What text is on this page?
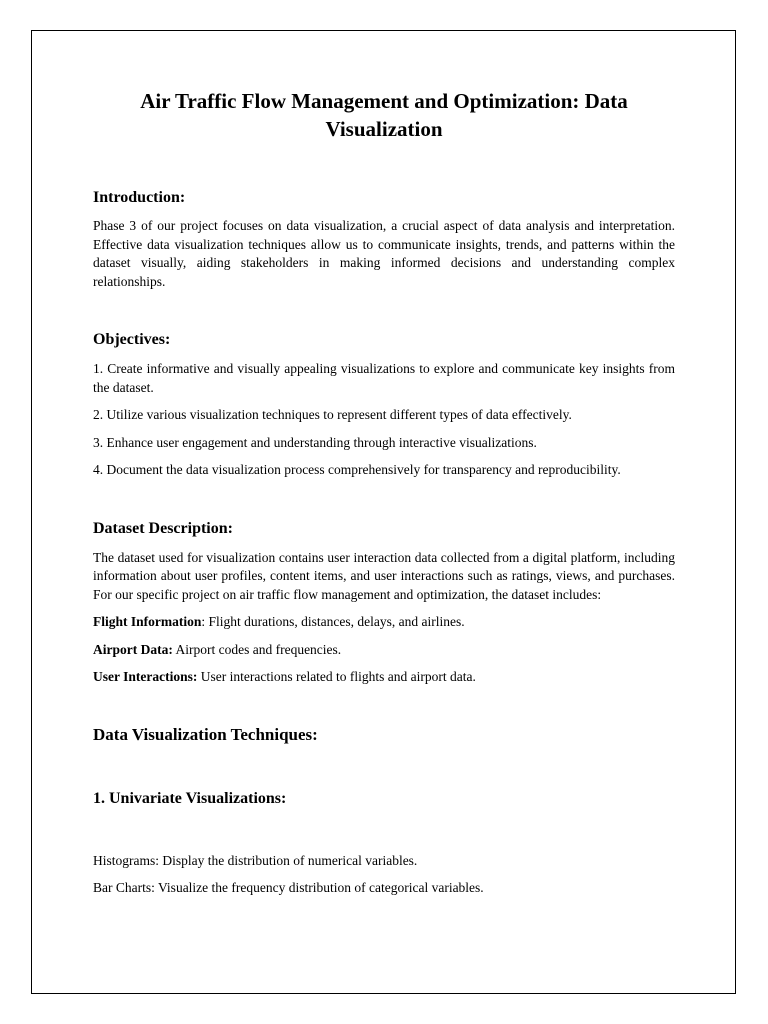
Air Traffic Flow Management and Optimization: Data Visualization
Introduction:

Phase 3 of our project focuses on data visualization, a crucial aspect of data analysis and interpretation. Effective data visualization techniques allow us to communicate insights, trends, and patterns within the dataset visually, aiding stakeholders in making informed decisions and understanding complex relationships.

Objectives:

1. Create informative and visually appealing visualizations to explore and communicate key insights from the dataset.

2. Utilize various visualization techniques to represent different types of data effectively.

3. Enhance user engagement and understanding through interactive visualizations.

4. Document the data visualization process comprehensively for transparency and reproducibility.

Dataset Description:

The dataset used for visualization contains user interaction data collected from a digital platform, including information about user profiles, content items, and user interactions such as ratings, views, and purchases. For our specific project on air traffic flow management and optimization, the dataset includes:

Flight Information: Flight durations, distances, delays, and airlines.

Airport Data: Airport codes and frequencies.

User Interactions: User interactions related to flights and airport data.

Data Visualization Techniques:
1. Univariate Visualizations:

Histograms: Display the distribution of numerical variables.

Bar Charts: Visualize the frequency distribution of categorical variables.
